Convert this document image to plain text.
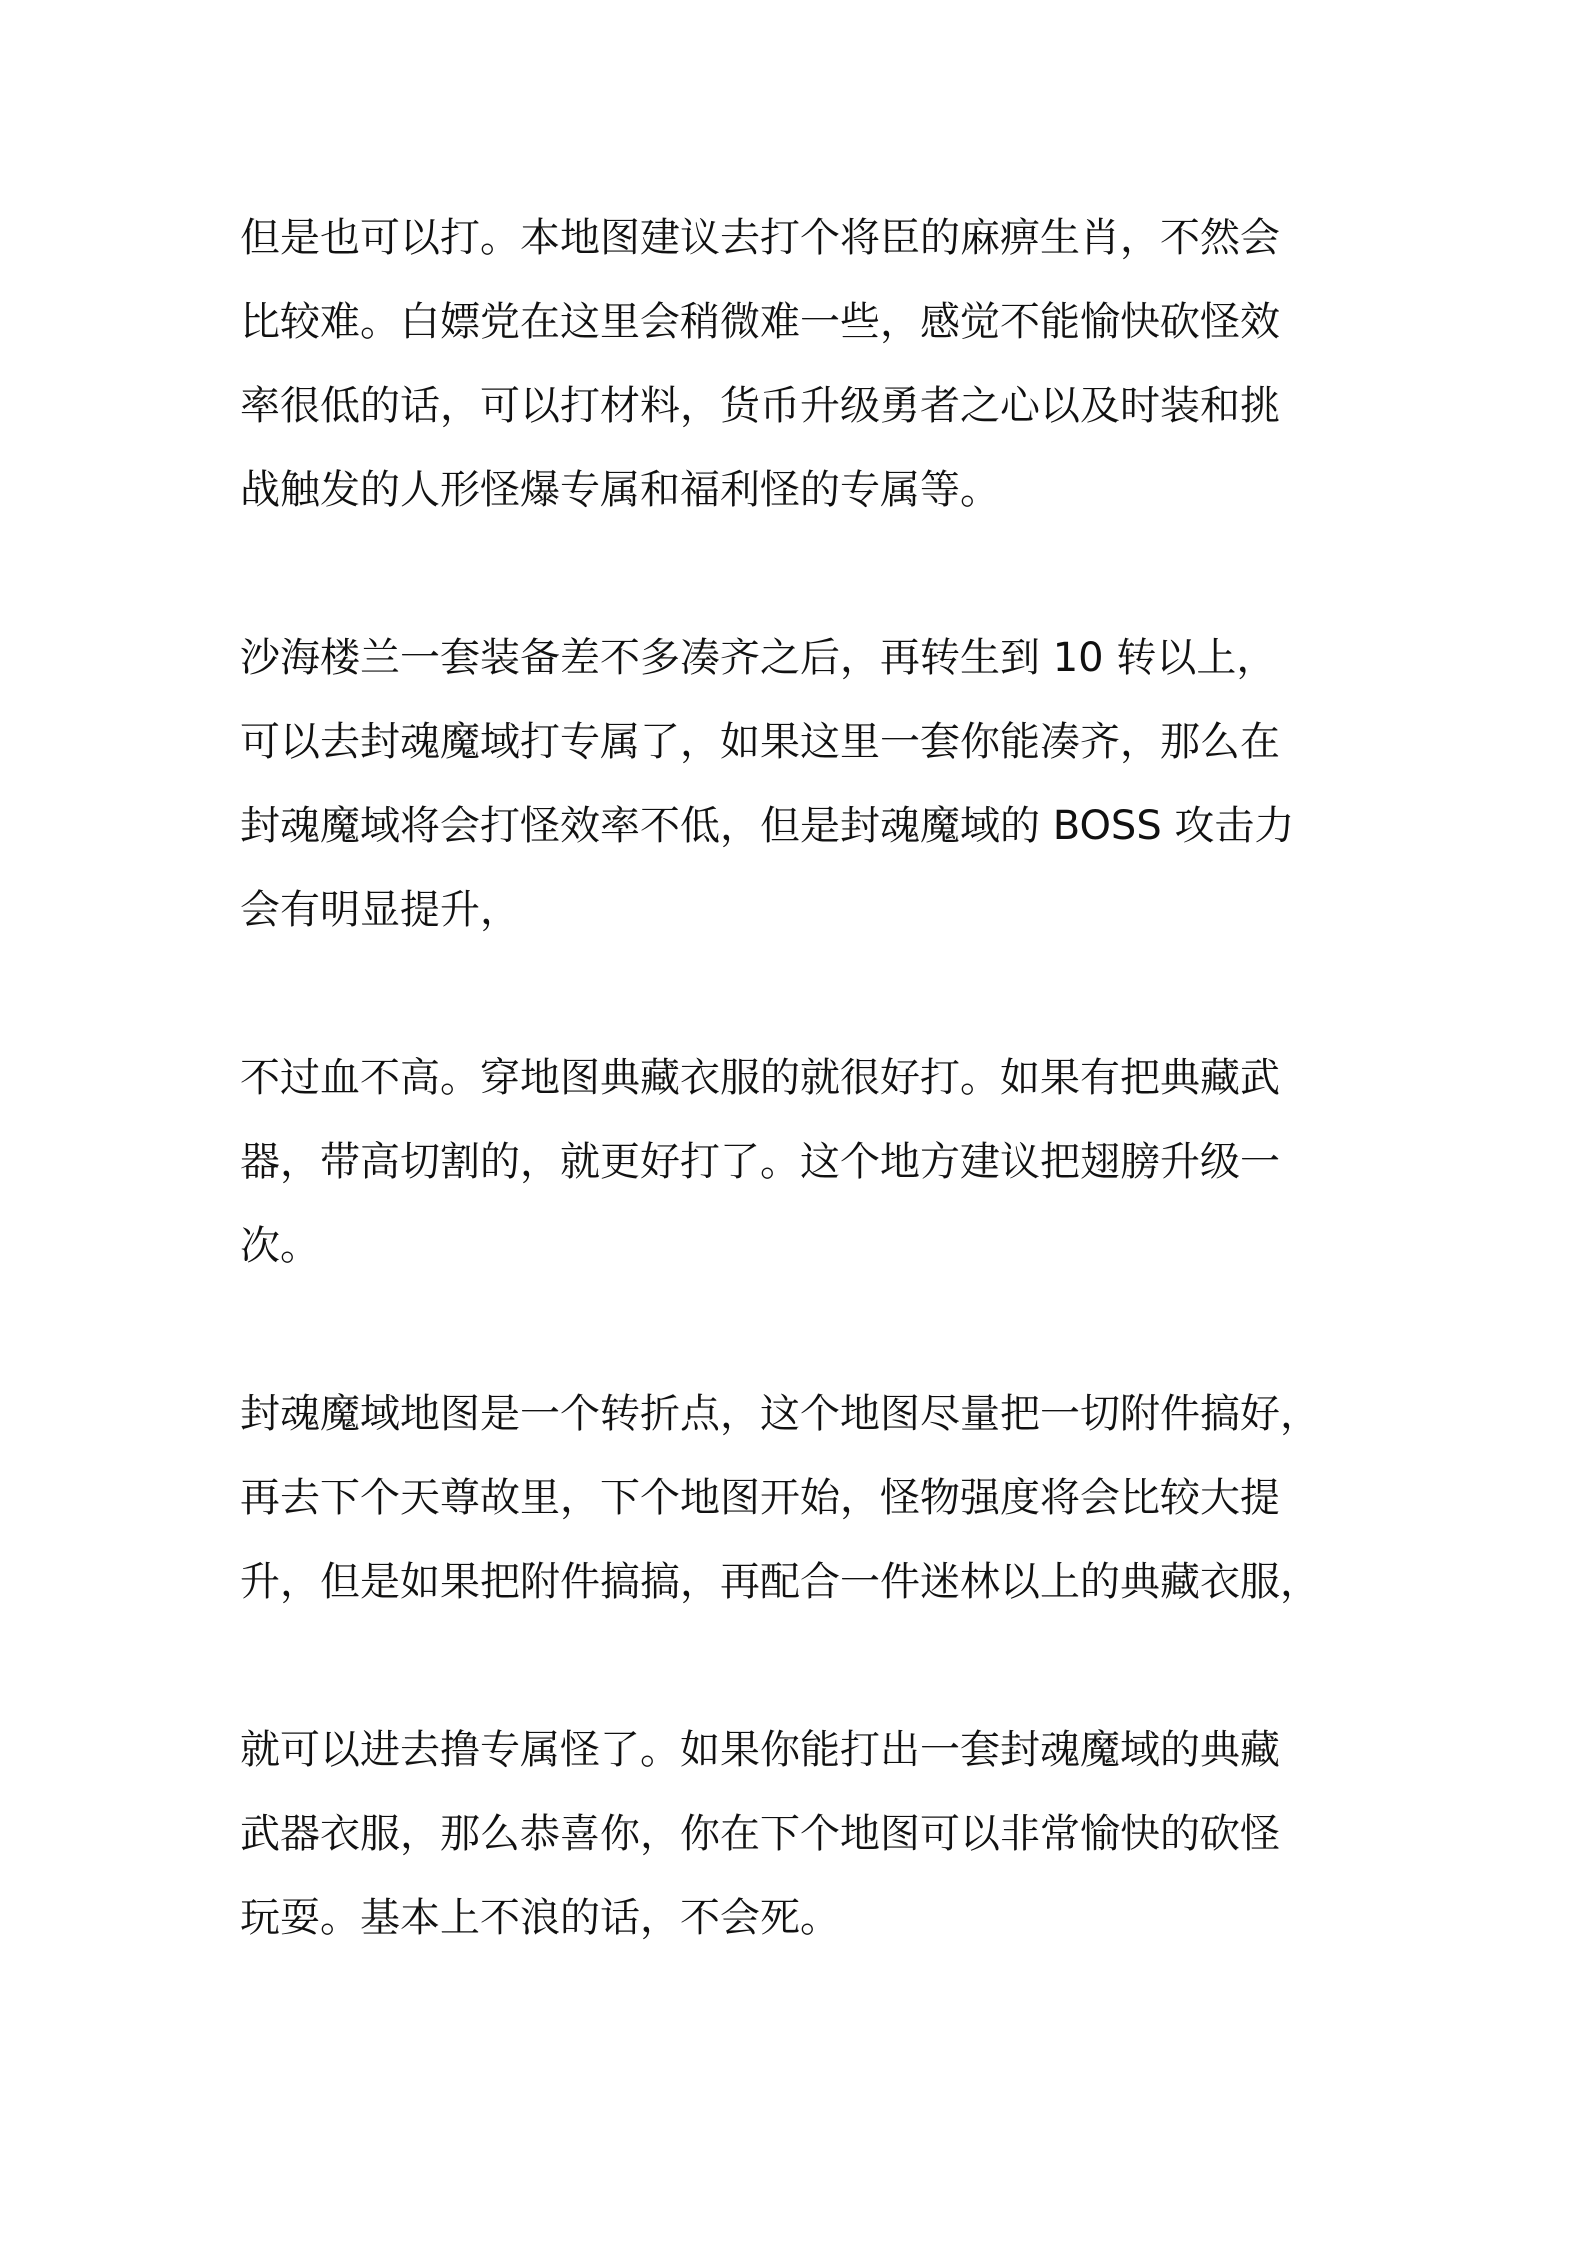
但是也可以打。本地图建议去打个将臣的麻痹生肖，不然会
比较难。白嫖党在这里会稍微难一些，感觉不能愉快砍怪效
率很低的话，可以打材料，货币升级勇者之心以及时装和挑
战触发的人形怪爆专属和福利怪的专属等。

沙海楼兰一套装备差不多凑齐之后，再转生到 10 转以上，
可以去封魂魔域打专属了，如果这里一套你能凑齐，那么在
封魂魔域将会打怪效率不低，但是封魂魔域的 BOSS 攻击力
会有明显提升，

不过血不高。穿地图典藏衣服的就很好打。如果有把典藏武
器，带高切割的，就更好打了。这个地方建议把翅膀升级一
次。

封魂魔域地图是一个转折点，这个地图尽量把一切附件搞好，
再去下个天尊故里，下个地图开始，怪物强度将会比较大提
升，但是如果把附件搞搞，再配合一件迷林以上的典藏衣服，

就可以进去撸专属怪了。如果你能打出一套封魂魔域的典藏
武器衣服，那么恭喜你，你在下个地图可以非常愉快的砍怪
玩耍。基本上不浪的话，不会死。
